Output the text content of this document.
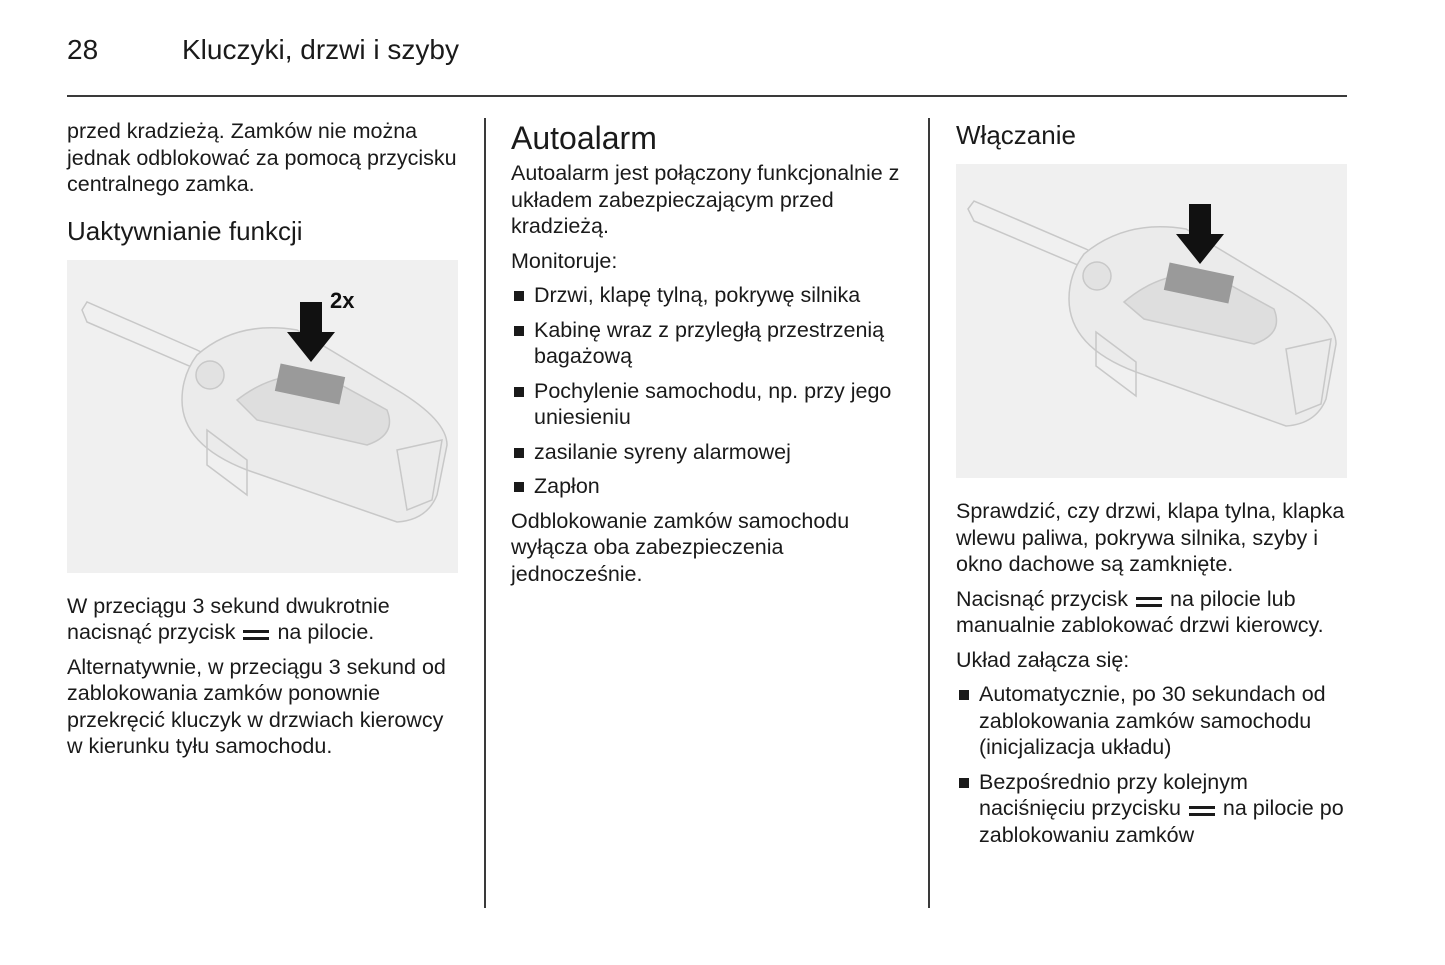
28	Kluczyki, drzwi i szyby

przed kradzieżą. Zamków nie można jednak odblokować za pomocą przycisku centralnego zamka.

Uaktywnianie funkcji
2x

W przeciągu 3 sekund dwukrotnie nacisnąć przycisk na pilocie.

Alternatywnie, w przeciągu 3 sekund od zablokowania zamków ponownie przekręcić kluczyk w drzwiach kierowcy w kierunku tyłu samochodu.

Autoalarm

Autoalarm jest połączony funkcjonalnie z układem zabezpieczającym przed kradzieżą.

Monitoruje:

Drzwi, klapę tylną, pokrywę silnika
Kabinę wraz z przyległą przestrzenią bagażową
Pochylenie samochodu, np. przy jego uniesieniu
zasilanie syreny alarmowej
Zapłon

Odblokowanie zamków samochodu wyłącza oba zabezpieczenia jednocześnie.

Włączanie

Sprawdzić, czy drzwi, klapa tylna, klapka wlewu paliwa, pokrywa silnika, szyby i okno dachowe są zamknięte.

Nacisnąć przycisk na pilocie lub manualnie zablokować drzwi kierowcy.

Układ załącza się:

Automatycznie, po 30 sekundach od zablokowania zamków samochodu (inicjalizacja układu)
Bezpośrednio przy kolejnym naciśnięciu przycisku na pilocie po zablokowaniu zamków
